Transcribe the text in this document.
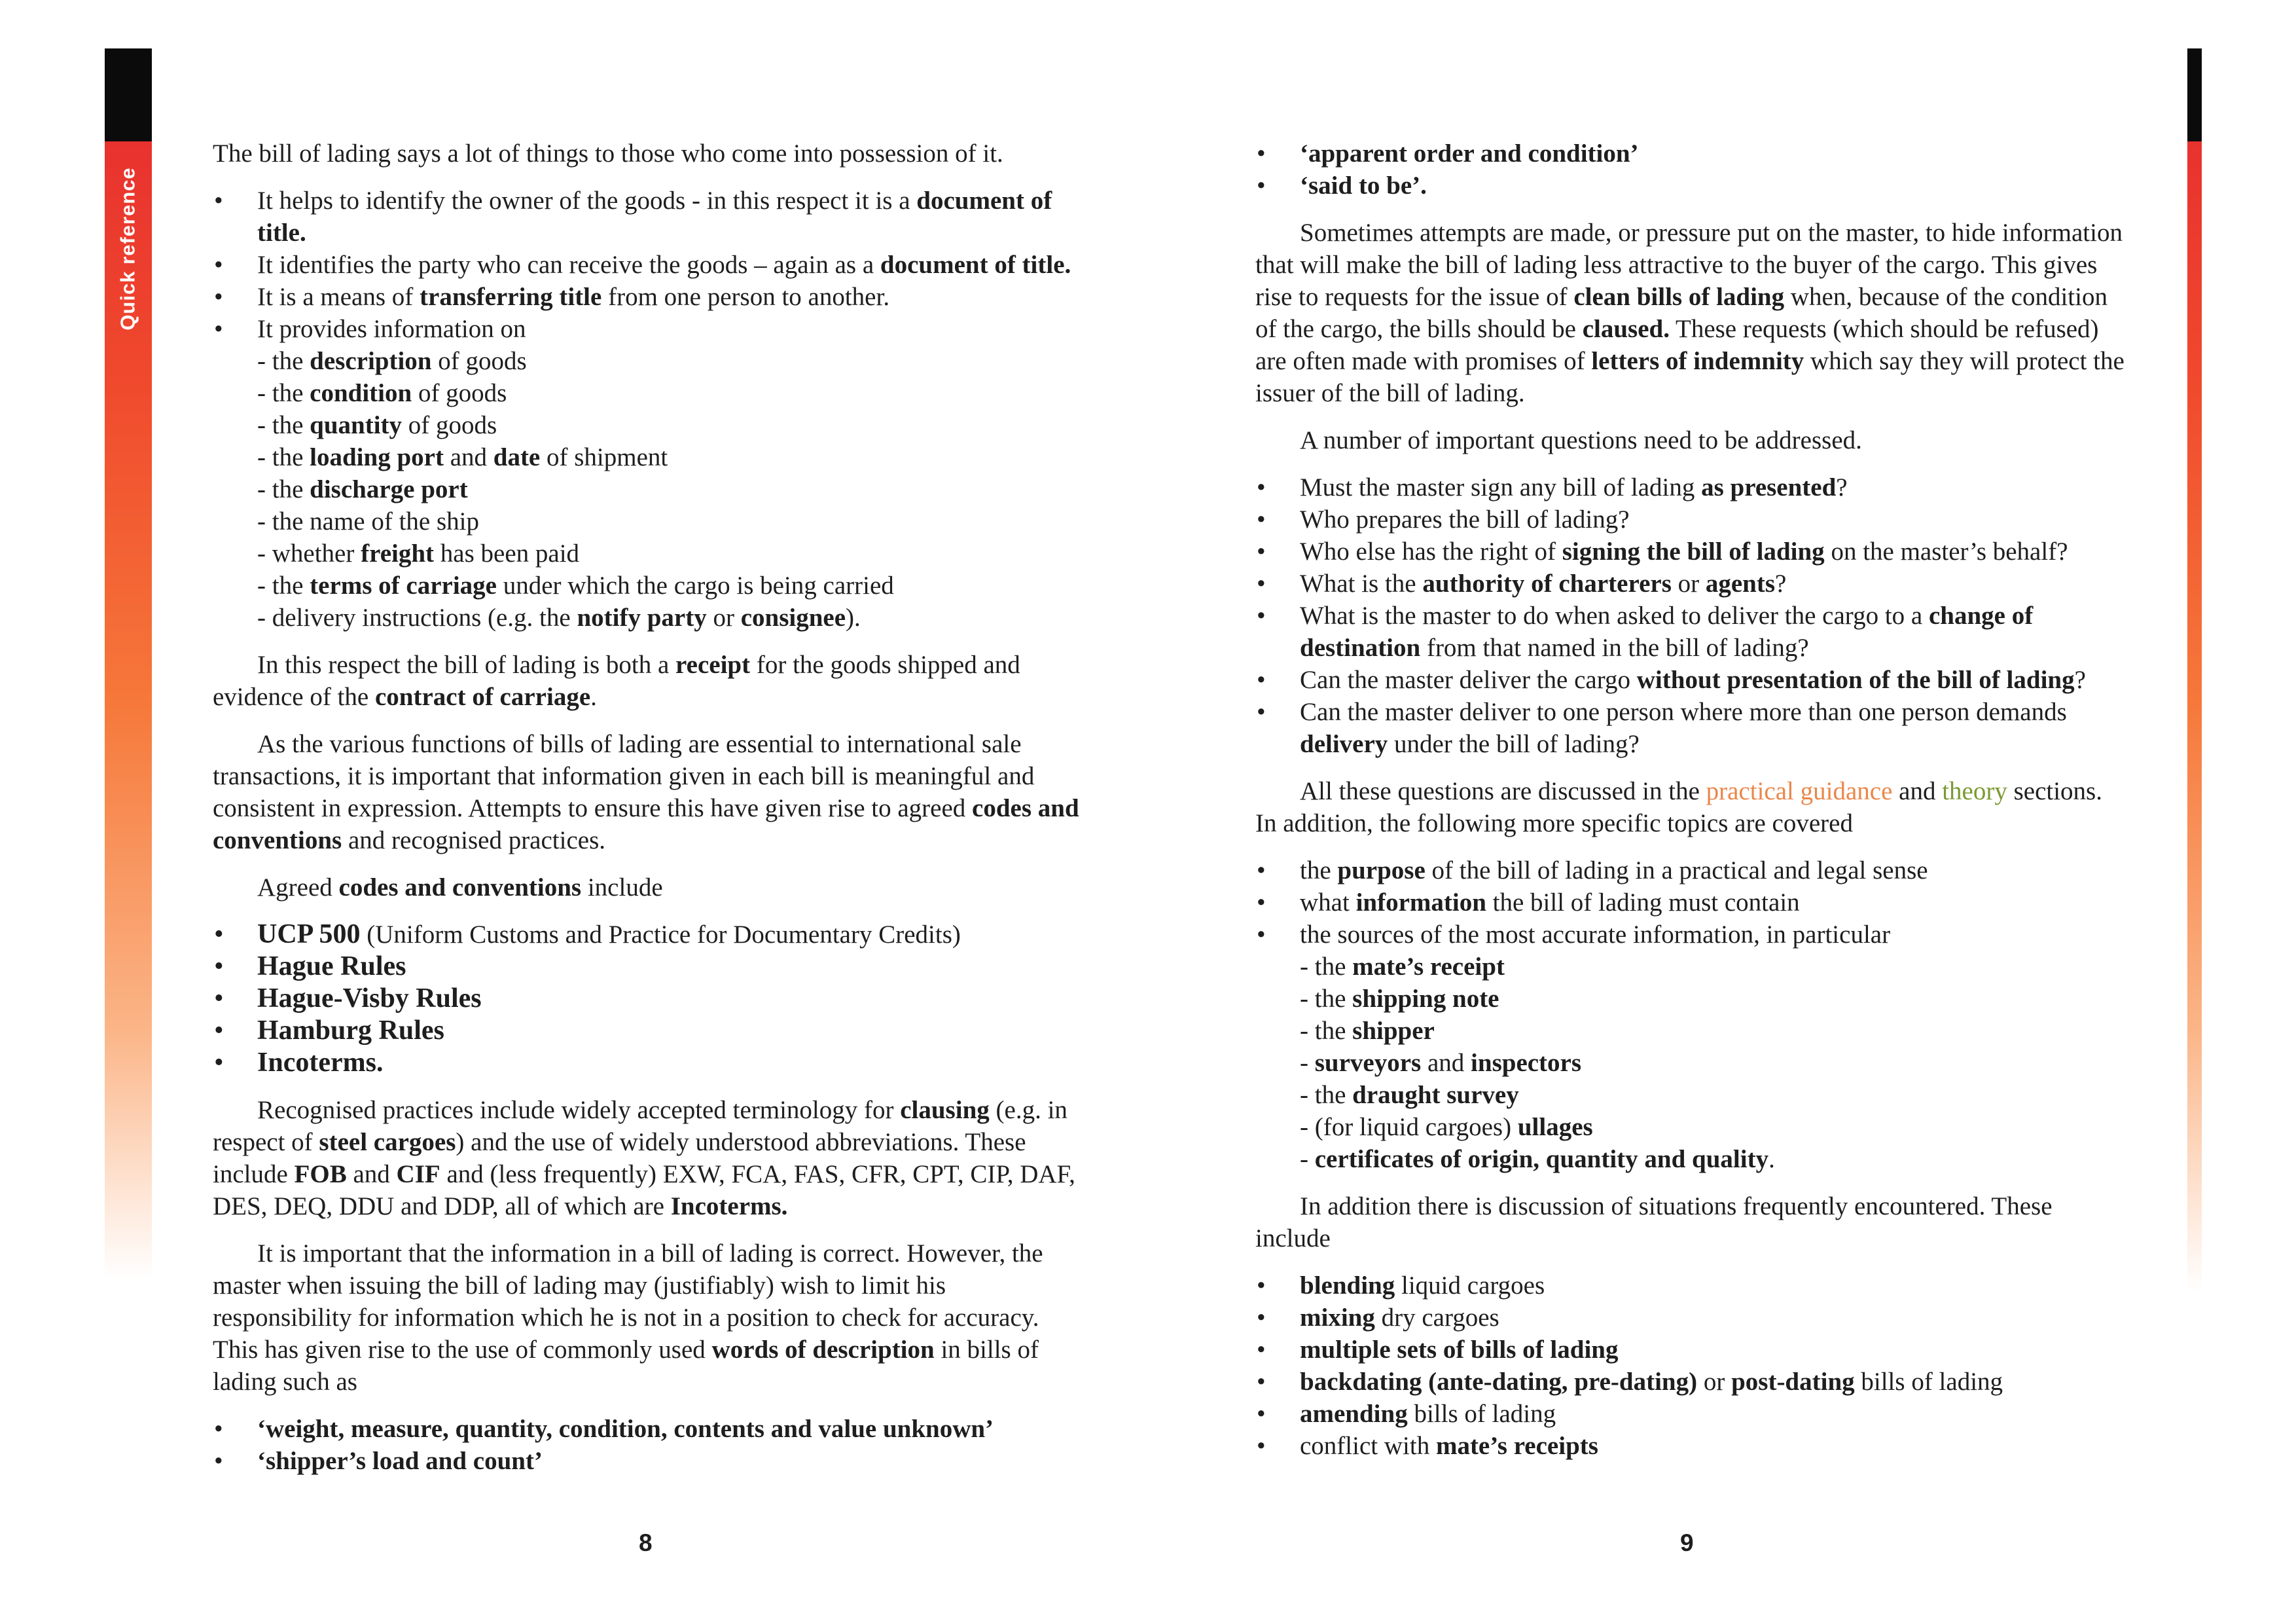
Quick reference

The bill of lading says a lot of things to those who come into possession of it.

• It helps to identify the owner of the goods - in this respect it is a document of title.
• It identifies the party who can receive the goods – again as a document of title.
• It is a means of transferring title from one person to another.
• It provides information on
- the description of goods
- the condition of goods
- the quantity of goods
- the loading port and date of shipment
- the discharge port
- the name of the ship
- whether freight has been paid
- the terms of carriage under which the cargo is being carried
- delivery instructions (e.g. the notify party or consignee).

In this respect the bill of lading is both a receipt for the goods shipped and evidence of the contract of carriage.

As the various functions of bills of lading are essential to international sale transactions, it is important that information given in each bill is meaningful and consistent in expression. Attempts to ensure this have given rise to agreed codes and conventions and recognised practices.

Agreed codes and conventions include

• UCP 500 (Uniform Customs and Practice for Documentary Credits)
• Hague Rules
• Hague-Visby Rules
• Hamburg Rules
• Incoterms.

Recognised practices include widely accepted terminology for clausing (e.g. in respect of steel cargoes) and the use of widely understood abbreviations. These include FOB and CIF and (less frequently) EXW, FCA, FAS, CFR, CPT, CIP, DAF, DES, DEQ, DDU and DDP, all of which are Incoterms.

It is important that the information in a bill of lading is correct. However, the master when issuing the bill of lading may (justifiably) wish to limit his responsibility for information which he is not in a position to check for accuracy. This has given rise to the use of commonly used words of description in bills of lading such as

• ‘weight, measure, quantity, condition, contents and value unknown’
• ‘shipper’s load and count’
• ‘apparent order and condition’
• ‘said to be’.

Sometimes attempts are made, or pressure put on the master, to hide information that will make the bill of lading less attractive to the buyer of the cargo. This gives rise to requests for the issue of clean bills of lading when, because of the condition of the cargo, the bills should be claused. These requests (which should be refused) are often made with promises of letters of indemnity which say they will protect the issuer of the bill of lading.

A number of important questions need to be addressed.

• Must the master sign any bill of lading as presented?
• Who prepares the bill of lading?
• Who else has the right of signing the bill of lading on the master’s behalf?
• What is the authority of charterers or agents?
• What is the master to do when asked to deliver the cargo to a change of destination from that named in the bill of lading?
• Can the master deliver the cargo without presentation of the bill of lading?
• Can the master deliver to one person where more than one person demands delivery under the bill of lading?

All these questions are discussed in the practical guidance and theory sections. In addition, the following more specific topics are covered

• the purpose of the bill of lading in a practical and legal sense
• what information the bill of lading must contain
• the sources of the most accurate information, in particular
- the mate’s receipt
- the shipping note
- the shipper
- surveyors and inspectors
- the draught survey
- (for liquid cargoes) ullages
- certificates of origin, quantity and quality.

In addition there is discussion of situations frequently encountered. These include

• blending liquid cargoes
• mixing dry cargoes
• multiple sets of bills of lading
• backdating (ante-dating, pre-dating) or post-dating bills of lading
• amending bills of lading
• conflict with mate’s receipts
8	9
